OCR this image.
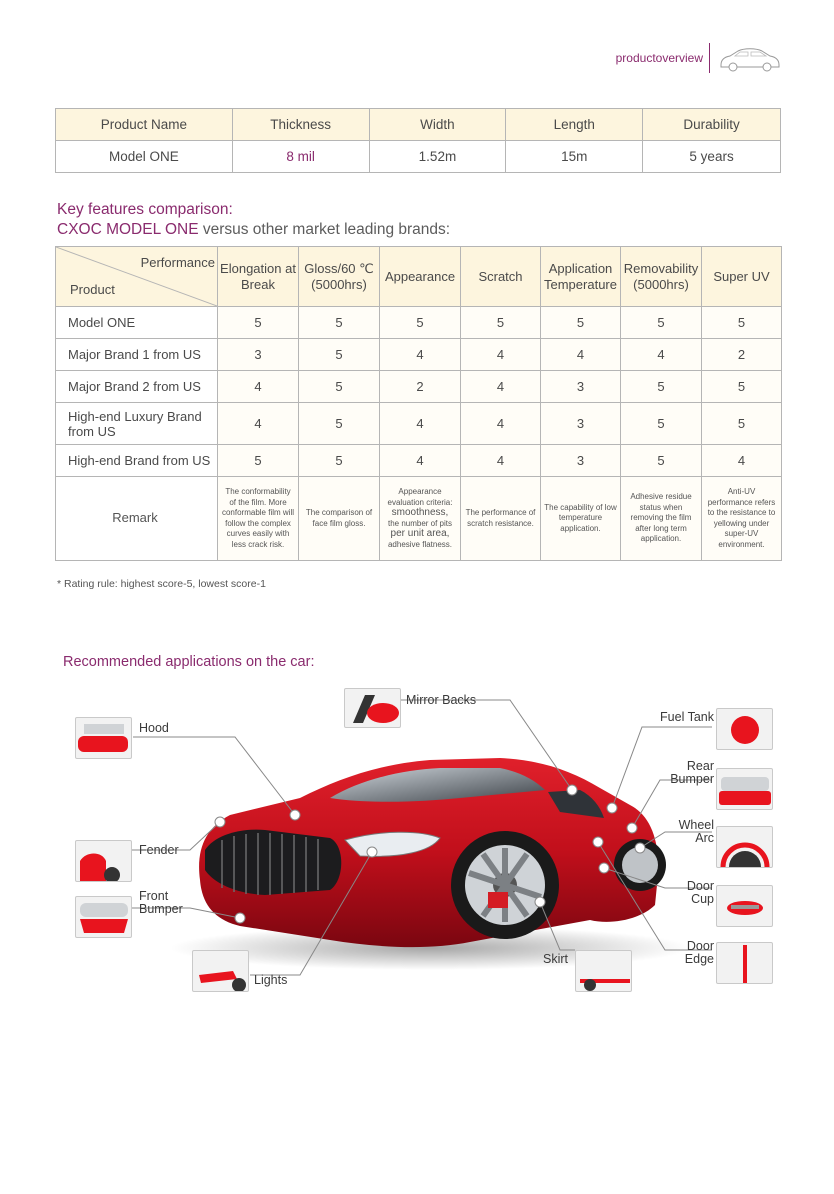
productoverview
Product Name	Thickness	Width	Length	Durability
Model ONE	8 mil	1.52m	15m	5 years
Key features comparison:
CXOC MODEL ONE versus other market leading brands:
Performance
Product	Elongation at Break	Gloss/60 ℃ (5000hrs)	Appearance	Scratch	Application Temperature	Removability (5000hrs)	Super UV
Model ONE	5	5	5	5	5	5	5
Major Brand 1 from US	3	5	4	4	4	4	2
Major Brand 2 from US	4	5	2	4	3	5	5
High-end Luxury Brand from US	4	5	4	4	3	5	5
High-end Brand from US	5	5	4	4	3	5	4
Remark	The conformability of the film. More conformable film will follow the complex curves easily with less crack risk.	The comparison of face film gloss.	Appearance evaluation criteria:
smoothness,
the number of pits
per unit area,
adhesive flatness.	The performance of scratch resistance.	The capability of low temperature application.	Adhesive residue status when removing the film after long term application.	Anti-UV performance refers to the resistance to yellowing under super-UV environment.
* Rating rule: highest score-5, lowest score-1
Recommended applications on the car:
Hood
Mirror Backs
Fuel Tank
Rear
Bumper
Wheel
Arc
Door
Cup
Door
Edge
Fender
Front
Bumper
Lights
Skirt
